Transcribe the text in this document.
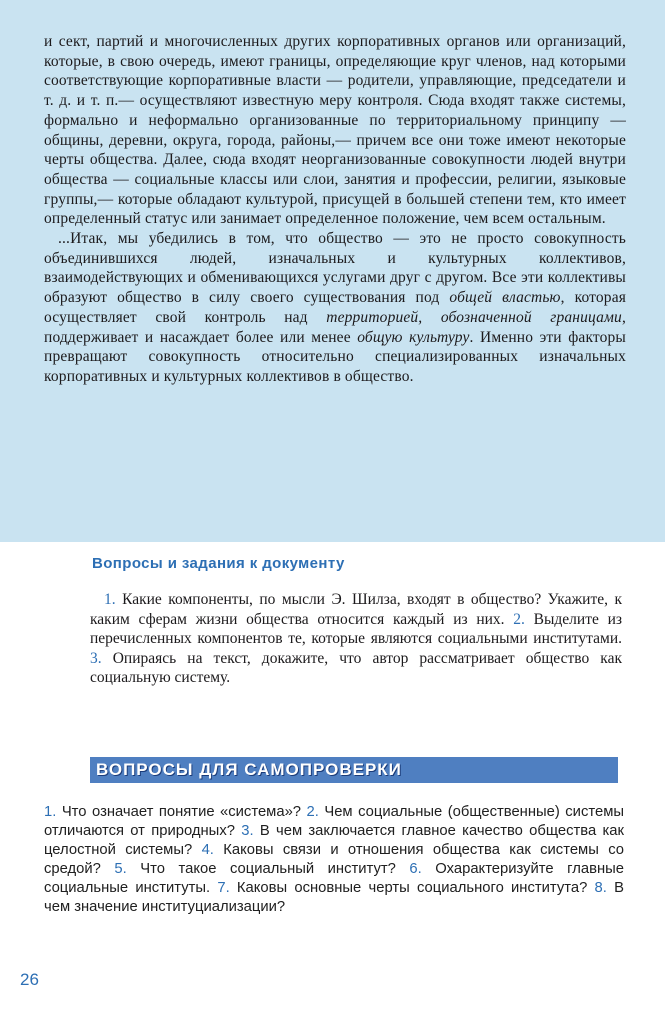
и сект, партий и многочисленных других корпоративных органов или организаций, которые, в свою очередь, имеют границы, определяющие круг членов, над которыми соответствующие корпоративные власти — родители, управляющие, председатели и т. д. и т. п.— осуществляют известную меру контроля. Сюда входят также системы, формально и неформально организованные по территориальному принципу — общины, деревни, округа, города, районы,— причем все они тоже имеют некоторые черты общества. Далее, сюда входят неорганизованные совокупности людей внутри общества — социальные классы или слои, занятия и профессии, религии, языковые группы,— которые обладают культурой, присущей в большей степени тем, кто имеет определенный статус или занимает определенное положение, чем всем остальным.

...Итак, мы убедились в том, что общество — это не просто совокупность объединившихся людей, изначальных и культурных коллективов, взаимодействующих и обменивающихся услугами друг с другом. Все эти коллективы образуют общество в силу своего существования под общей властью, которая осуществляет свой контроль над территорией, обозначенной границами, поддерживает и насаждает более или менее общую культуру. Именно эти факторы превращают совокупность относительно специализированных изначальных корпоративных и культурных коллективов в общество.

Вопросы и задания к документу

1. Какие компоненты, по мысли Э. Шилза, входят в общество? Укажите, к каким сферам жизни общества относится каждый из них. 2. Выделите из перечисленных компонентов те, которые являются социальными институтами. 3. Опираясь на текст, докажите, что автор рассматривает общество как социальную систему.

ВОПРОСЫ ДЛЯ САМОПРОВЕРКИ

1. Что означает понятие «система»? 2. Чем социальные (общественные) системы отличаются от природных? 3. В чем заключается главное качество общества как целостной системы? 4. Каковы связи и отношения общества как системы со средой? 5. Что такое социальный институт? 6. Охарактеризуйте главные социальные институты. 7. Каковы основные черты социального института? 8. В чем значение институциализации?

26
